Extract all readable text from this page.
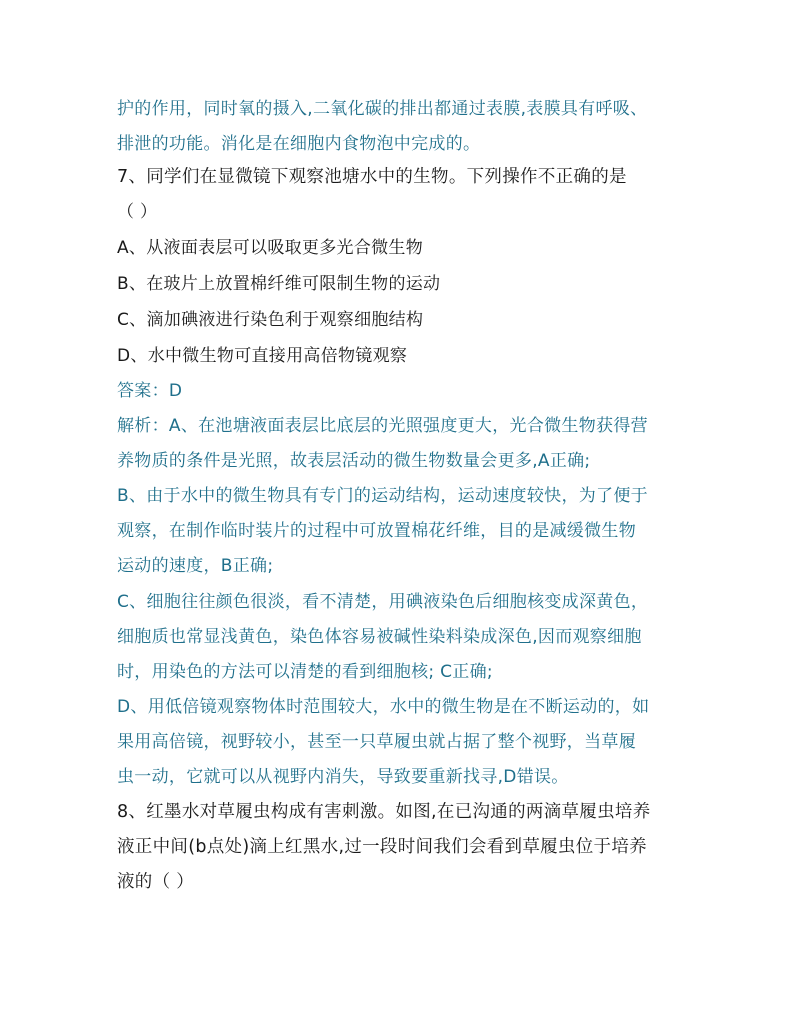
护的作用，同时氧的摄入,二氧化碳的排出都通过表膜,表膜具有呼吸、
排泄的功能。消化是在细胞内食物泡中完成的。
7、同学们在显微镜下观察池塘水中的生物。下列操作不正确的是
（ ）
A、从液面表层可以吸取更多光合微生物
B、在玻片上放置棉纤维可限制生物的运动
C、滴加碘液进行染色利于观察细胞结构
D、水中微生物可直接用高倍物镜观察
答案：D
解析：A、在池塘液面表层比底层的光照强度更大，光合微生物获得营
养物质的条件是光照，故表层活动的微生物数量会更多,A正确;
B、由于水中的微生物具有专门的运动结构，运动速度较快，为了便于
观察，在制作临时装片的过程中可放置棉花纤维，目的是减缓微生物
运动的速度，B正确;
C、细胞往往颜色很淡，看不清楚，用碘液染色后细胞核变成深黄色，
细胞质也常显浅黄色，染色体容易被碱性染料染成深色,因而观察细胞
时，用染色的方法可以清楚的看到细胞核; C正确;
D、用低倍镜观察物体时范围较大，水中的微生物是在不断运动的，如
果用高倍镜，视野较小，甚至一只草履虫就占据了整个视野，当草履
虫一动，它就可以从视野内消失，导致要重新找寻,D错误。
8、红墨水对草履虫构成有害刺激。如图,在已沟通的两滴草履虫培养
液正中间(b点处)滴上红黑水,过一段时间我们会看到草履虫位于培养
液的（ ）
